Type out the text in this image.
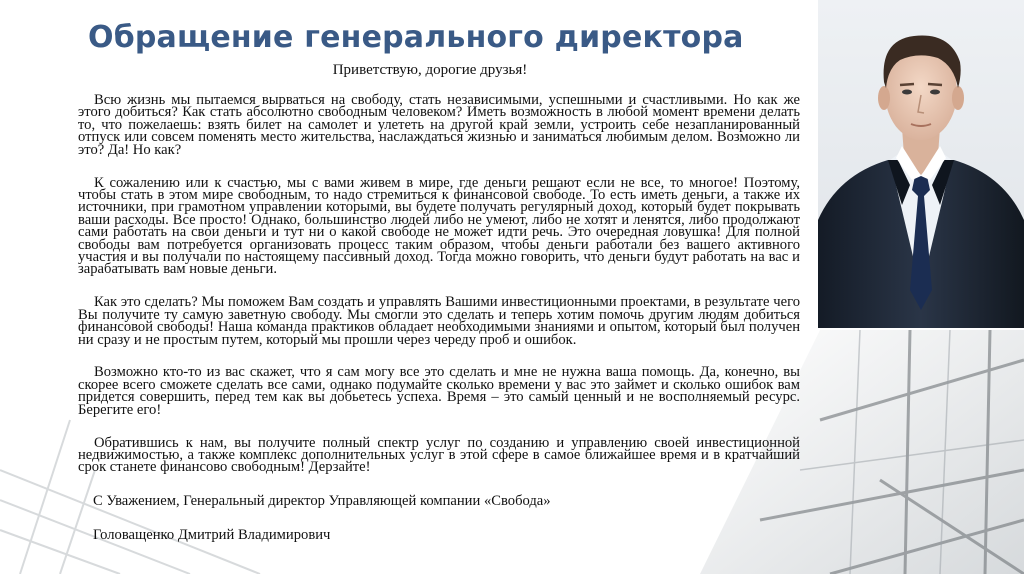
Обращение генерального директора
Приветствую, дорогие друзья!

Всю жизнь мы пытаемся вырваться на свободу, стать независимыми, успешными и счастливыми. Но как же этого добиться? Как стать абсолютно свободным человеком? Иметь возможность в любой момент времени делать то, что пожелаешь: взять билет на самолет и улететь на другой край земли, устроить себе незапланированный отпуск или совсем поменять место жительства, наслаждаться жизнью и заниматься любимым делом. Возможно ли это? Да! Но как?

К сожалению или к счастью, мы с вами живем в мире, где деньги решают если не все, то многое! Поэтому, чтобы стать в этом мире свободным, то надо стремиться к финансовой свободе. То есть иметь деньги, а также их источники, при грамотном управлении которыми, вы будете получать регулярный доход, который будет покрывать ваши расходы. Все просто! Однако, большинство людей либо не умеют, либо не хотят и ленятся, либо продолжают сами работать на свои деньги и тут ни о какой свободе не может идти речь. Это очередная ловушка! Для полной свободы вам потребуется организовать процесс таким образом, чтобы деньги работали без вашего активного участия и вы получали по настоящему пассивный доход. Тогда можно говорить, что деньги будут работать на вас и зарабатывать вам новые деньги.

Как это сделать? Мы поможем Вам создать и управлять Вашими инвестиционными проектами, в результате чего Вы получите ту самую заветную свободу. Мы смогли это сделать и теперь хотим помочь другим людям добиться финансовой свободы! Наша команда практиков обладает необходимыми знаниями и опытом, который был получен ни сразу и не простым путем, который мы прошли через череду проб и ошибок.

Возможно кто-то из вас скажет, что я сам могу все это сделать и мне не нужна ваша помощь. Да, конечно, вы скорее всего сможете сделать все сами, однако подумайте сколько времени у вас это займет и сколько ошибок вам придется совершить, перед тем как вы добьетесь успеха. Время – это самый ценный и не восполняемый ресурс. Берегите его!

Обратившись к нам, вы получите полный спектр услуг по созданию и управлению своей инвестиционной недвижимостью, а также комплекс дополнительных услуг в этой сфере в самое ближайшее время и в кратчайший срок станете финансово свободным! Дерзайте!

С Уважением, Генеральный директор Управляющей компании «Свобода»

Головащенко Дмитрий Владимирович
